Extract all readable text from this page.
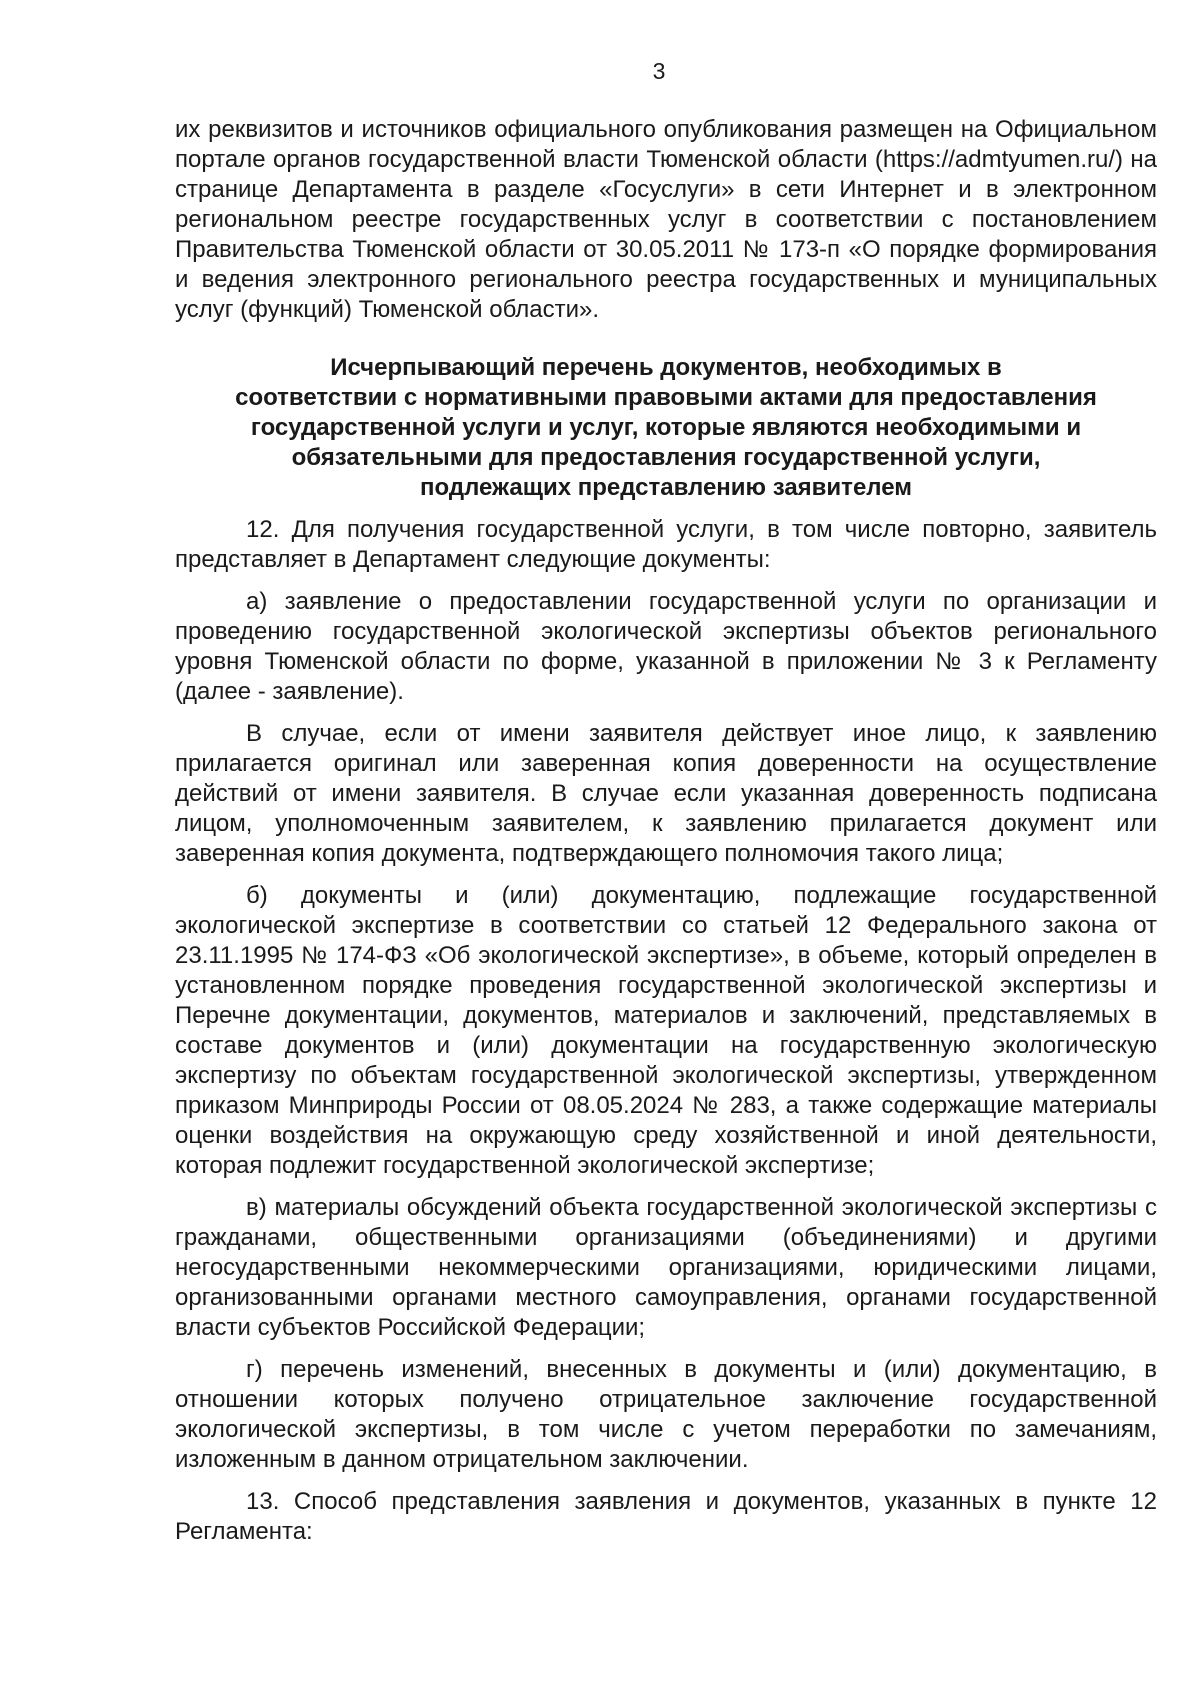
3

их реквизитов и источников официального опубликования размещен на Официальном портале органов государственной власти Тюменской области (https://admtyumen.ru/) на странице Департамента в разделе «Госуслуги» в сети Интернет и в электронном региональном реестре государственных услуг в соответствии с постановлением Правительства Тюменской области от 30.05.2011 № 173-п «О порядке формирования и ведения электронного регионального реестра государственных и муниципальных услуг (функций) Тюменской области».

Исчерпывающий перечень документов, необходимых в
соответствии с нормативными правовыми актами для предоставления
государственной услуги и услуг, которые являются необходимыми и
обязательными для предоставления государственной услуги,
подлежащих представлению заявителем

12. Для получения государственной услуги, в том числе повторно, заявитель представляет в Департамент следующие документы:

а) заявление о предоставлении государственной услуги по организации и проведению государственной экологической экспертизы объектов регионального уровня Тюменской области по форме, указанной в приложении № 3 к Регламенту (далее - заявление).

В случае, если от имени заявителя действует иное лицо, к заявлению прилагается оригинал или заверенная копия доверенности на осуществление действий от имени заявителя. В случае если указанная доверенность подписана лицом, уполномоченным заявителем, к заявлению прилагается документ или заверенная копия документа, подтверждающего полномочия такого лица;

б) документы и (или) документацию, подлежащие государственной экологической экспертизе в соответствии со статьей 12 Федерального закона от 23.11.1995 № 174-ФЗ «Об экологической экспертизе», в объеме, который определен в установленном порядке проведения государственной экологической экспертизы и Перечне документации, документов, материалов и заключений, представляемых в составе документов и (или) документации на государственную экологическую экспертизу по объектам государственной экологической экспертизы, утвержденном приказом Минприроды России от 08.05.2024 № 283, а также содержащие материалы оценки воздействия на окружающую среду хозяйственной и иной деятельности, которая подлежит государственной экологической экспертизе;

в) материалы обсуждений объекта государственной экологической экспертизы с гражданами, общественными организациями (объединениями) и другими негосударственными некоммерческими организациями, юридическими лицами, организованными органами местного самоуправления, органами государственной власти субъектов Российской Федерации;

г) перечень изменений, внесенных в документы и (или) документацию, в отношении которых получено отрицательное заключение государственной экологической экспертизы, в том числе с учетом переработки по замечаниям, изложенным в данном отрицательном заключении.

13. Способ представления заявления и документов, указанных в пункте 12 Регламента:
